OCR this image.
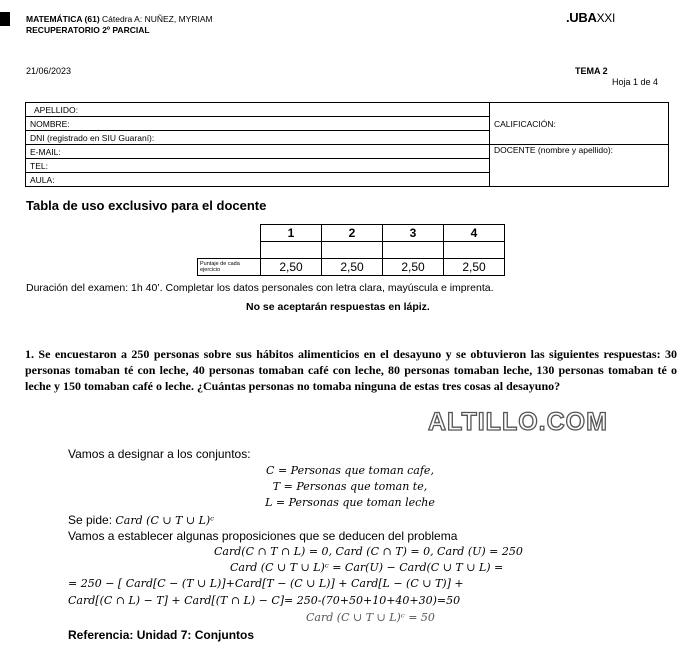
MATEMÁTICA (61) Cátedra A: NUÑEZ, MYRIAM
RECUPERATORIO 2º PARCIAL
.UBAXXI
21/06/2023	TEMA 2
Hoja 1 de 4
APELLIDO:	CALIFICACIÓN:
NOMBRE:	
DNI (registrado en SIU Guaraní):	
E-MAIL:	DOCENTE (nombre y apellido):
TEL:	
AULA:	
Tabla de uso exclusivo para el docente
	1	2	3	4

Puntaje de cada ejercicio	2,50	2,50	2,50	2,50
Duración del examen: 1h 40’. Completar los datos personales con letra clara, mayúscula e imprenta.
No se aceptarán respuestas en lápiz.
1. Se encuestaron a 250 personas sobre sus hábitos alimenticios en el desayuno y se obtuvieron las siguientes respuestas: 30 personas tomaban té con leche, 40 personas tomaban café con leche, 80 personas tomaban leche, 130 personas tomaban té o leche y 150 tomaban café o leche. ¿Cuántas personas no tomaba ninguna de estas tres cosas al desayuno?
ALTILLO.COM
Vamos a designar a los conjuntos:
C = Personas que toman cafe,
T = Personas que toman te,
L = Personas que toman leche
Se pide: Card (C ∪ T ∪ L)ᶜ
Vamos a establecer algunas proposiciones que se deducen del problema
Card(C ∩ T ∩ L) = 0, Card (C ∩ T) = 0, Card (U) = 250
Card (C ∪ T ∪ L)ᶜ = Car(U) − Card(C ∪ T ∪ L) =
= 250 − [ Card[C − (T ∪ L)]+Card[T − (C ∪ L)] + Card[L − (C ∪ T)] +
Card[(C ∩ L) − T] + Card[(T ∩ L) − C]= 250-(70+50+10+40+30)=50
Card (C ∪ T ∪ L)ᶜ = 50
Referencia: Unidad 7: Conjuntos
